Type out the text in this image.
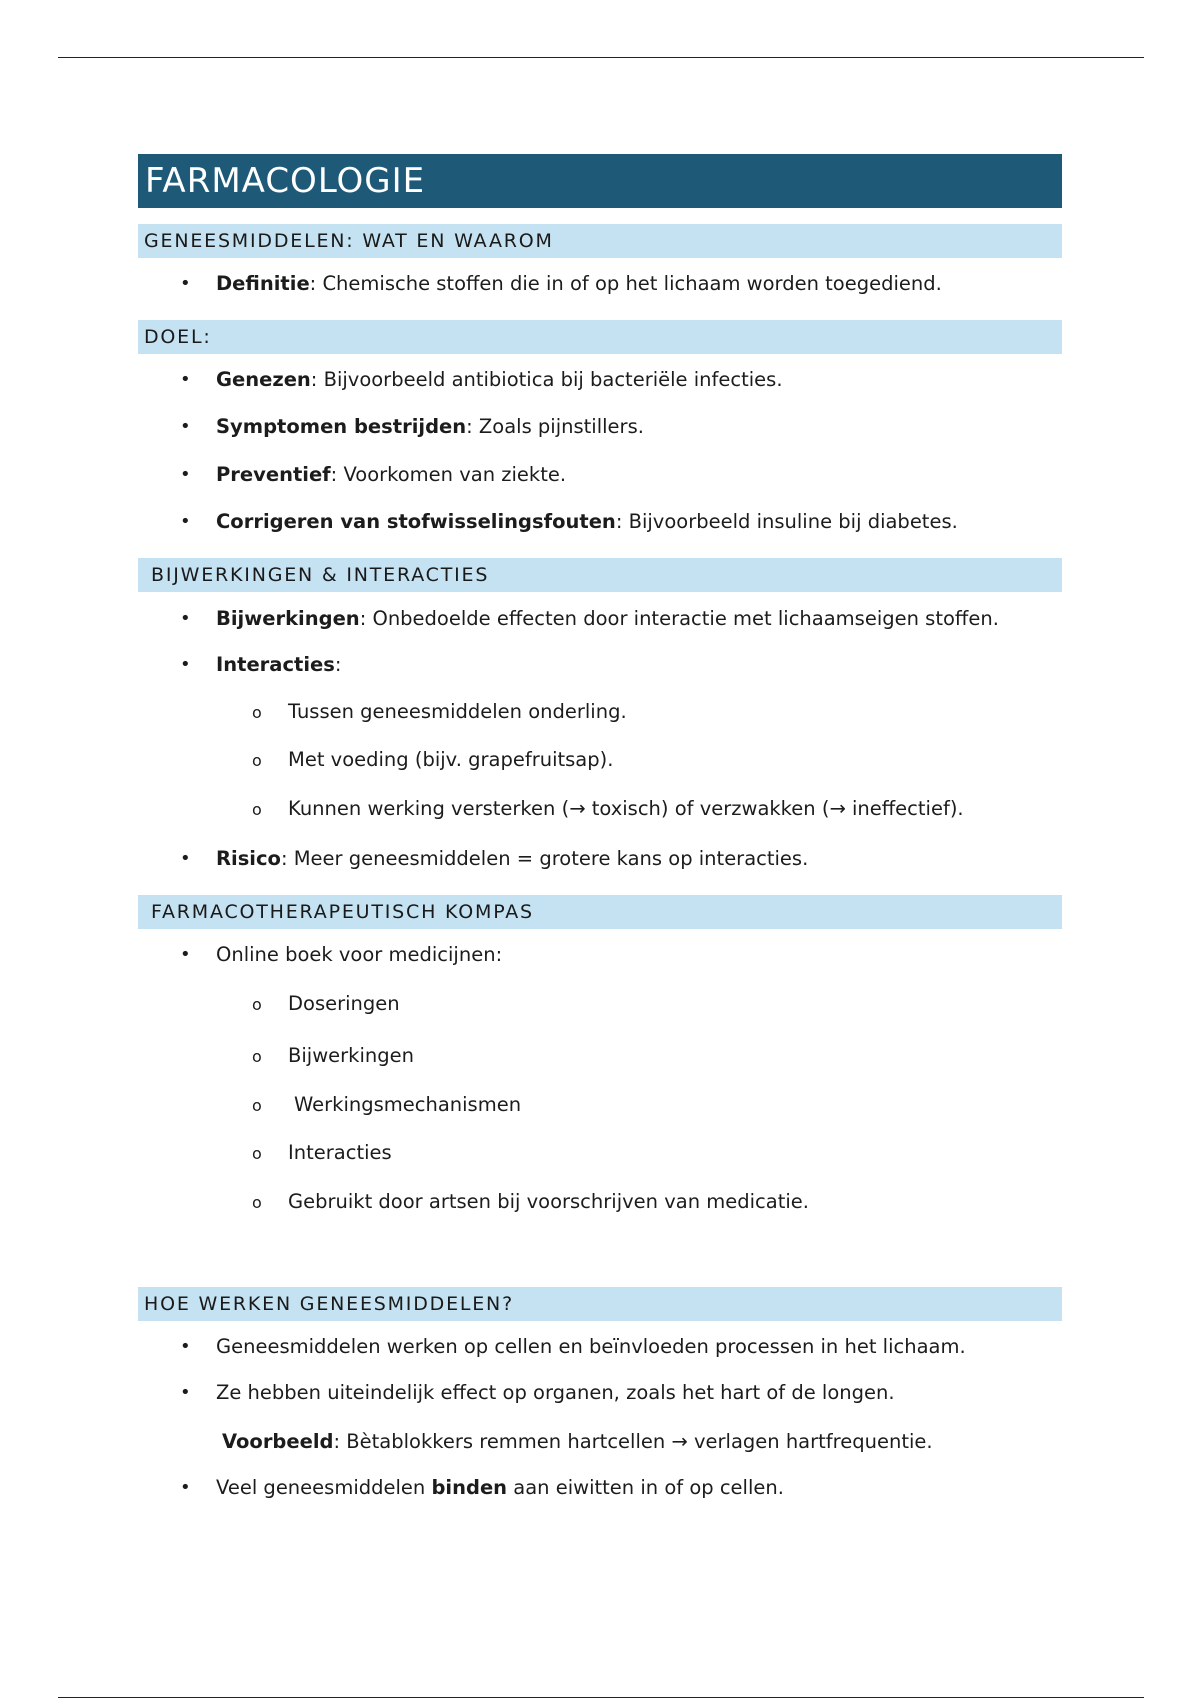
FARMACOLOGIE
GENEESMIDDELEN: WAT EN WAAROM
• Definitie: Chemische stoffen die in of op het lichaam worden toegediend.
DOEL:
• Genezen: Bijvoorbeeld antibiotica bij bacteriële infecties.
• Symptomen bestrijden: Zoals pijnstillers.
• Preventief: Voorkomen van ziekte.
• Corrigeren van stofwisselingsfouten: Bijvoorbeeld insuline bij diabetes.
BIJWERKINGEN & INTERACTIES
• Bijwerkingen: Onbedoelde effecten door interactie met lichaamseigen stoffen.
• Interacties:
o Tussen geneesmiddelen onderling.
o Met voeding (bijv. grapefruitsap).
o Kunnen werking versterken (→ toxisch) of verzwakken (→ ineffectief).
• Risico: Meer geneesmiddelen = grotere kans op interacties.
FARMACOTHERAPEUTISCH KOMPAS
• Online boek voor medicijnen:
o Doseringen
o Bijwerkingen
o Werkingsmechanismen
o Interacties
o Gebruikt door artsen bij voorschrijven van medicatie.
HOE WERKEN GENEESMIDDELEN?
• Geneesmiddelen werken op cellen en beïnvloeden processen in het lichaam.
• Ze hebben uiteindelijk effect op organen, zoals het hart of de longen.
Voorbeeld: Bètablokkers remmen hartcellen → verlagen hartfrequentie.
• Veel geneesmiddelen binden aan eiwitten in of op cellen.
